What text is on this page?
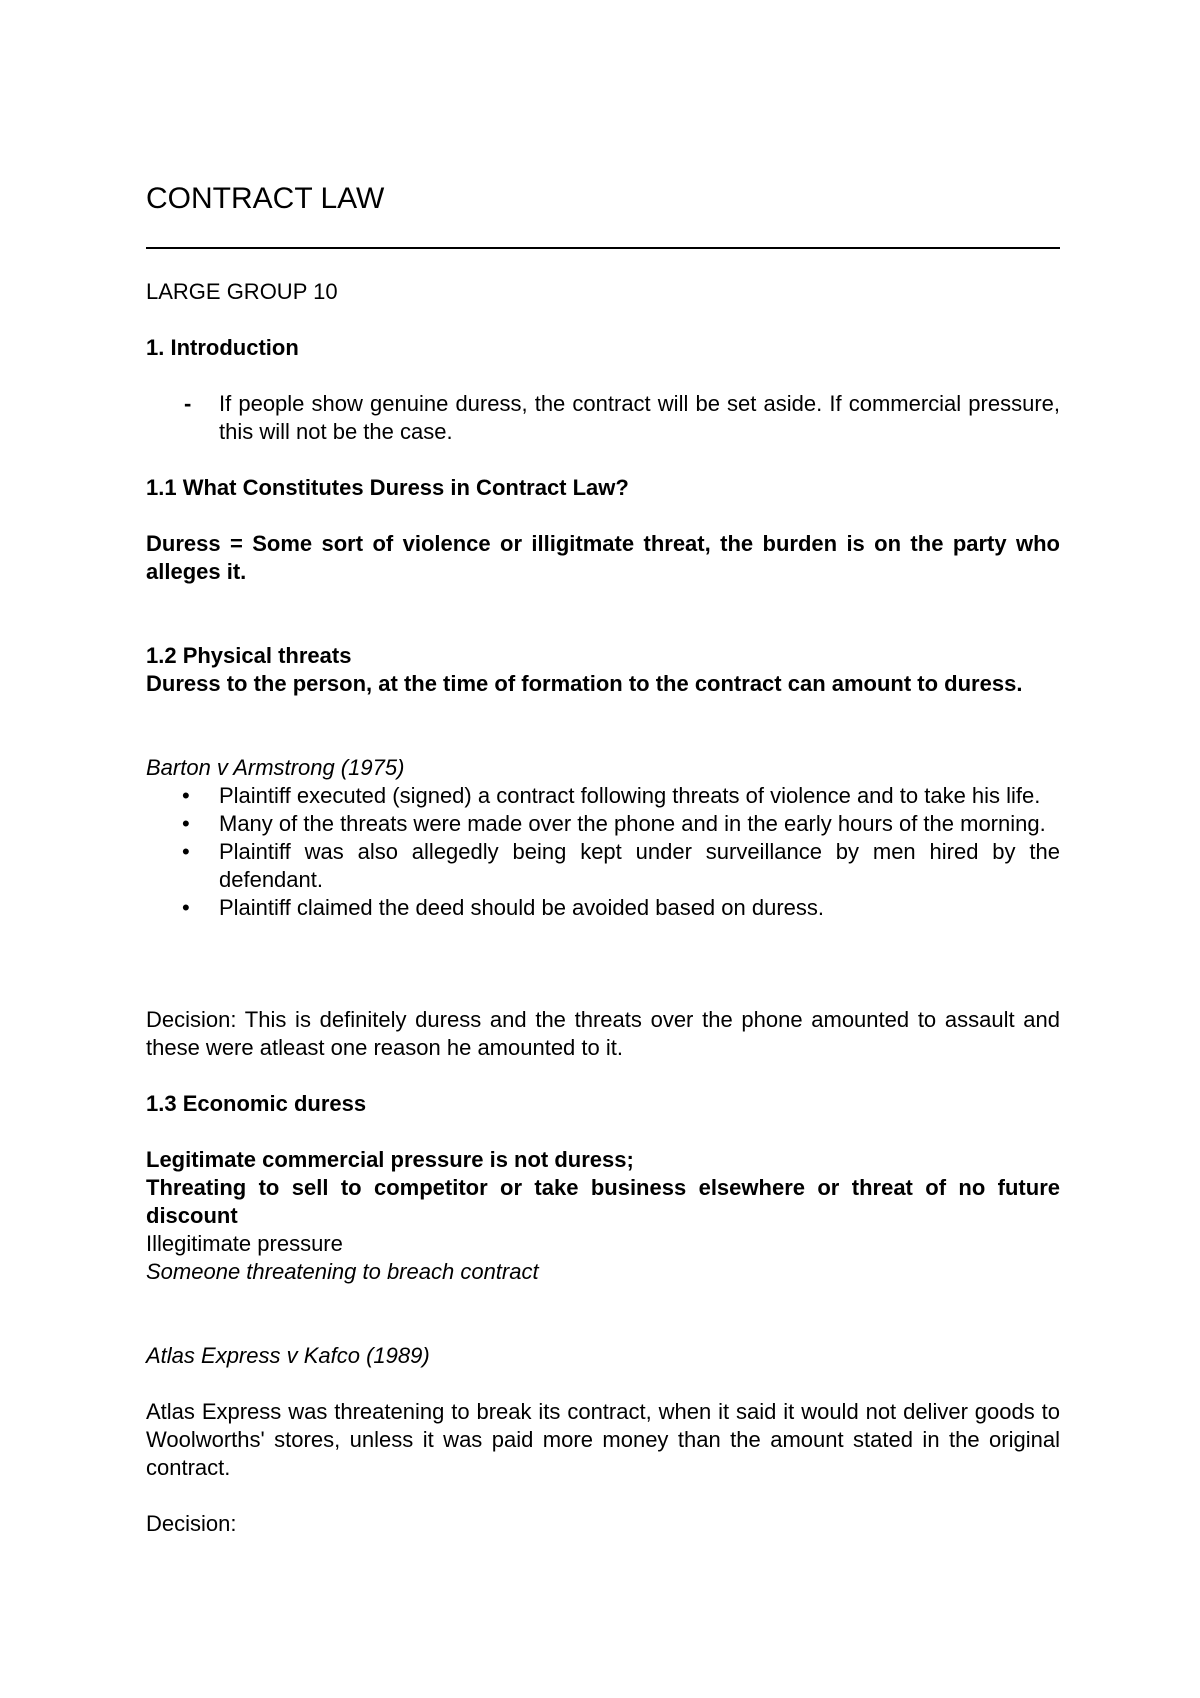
CONTRACT LAW

LARGE GROUP 10

1. Introduction

- If people show genuine duress, the contract will be set aside. If commercial pressure, this will not be the case.

1.1 What Constitutes Duress in Contract Law?

Duress = Some sort of violence or illigitmate threat, the burden is on the party who alleges it.

1.2 Physical threats

Duress to the person, at the time of formation to the contract can amount to duress.

Barton v Armstrong (1975)

• Plaintiff executed (signed) a contract following threats of violence and to take his life.
• Many of the threats were made over the phone and in the early hours of the morning.
• Plaintiff was also allegedly being kept under surveillance by men hired by the defendant.
• Plaintiff claimed the deed should be avoided based on duress.

Decision: This is definitely duress and the threats over the phone amounted to assault and these were atleast one reason he amounted to it.

1.3 Economic duress

Legitimate commercial pressure is not duress;

Threating to sell to competitor or take business elsewhere or threat of no future discount

Illegitimate pressure

Someone threatening to breach contract

Atlas Express v Kafco (1989)

Atlas Express was threatening to break its contract, when it said it would not deliver goods to Woolworths' stores, unless it was paid more money than the amount stated in the original contract.

Decision:
